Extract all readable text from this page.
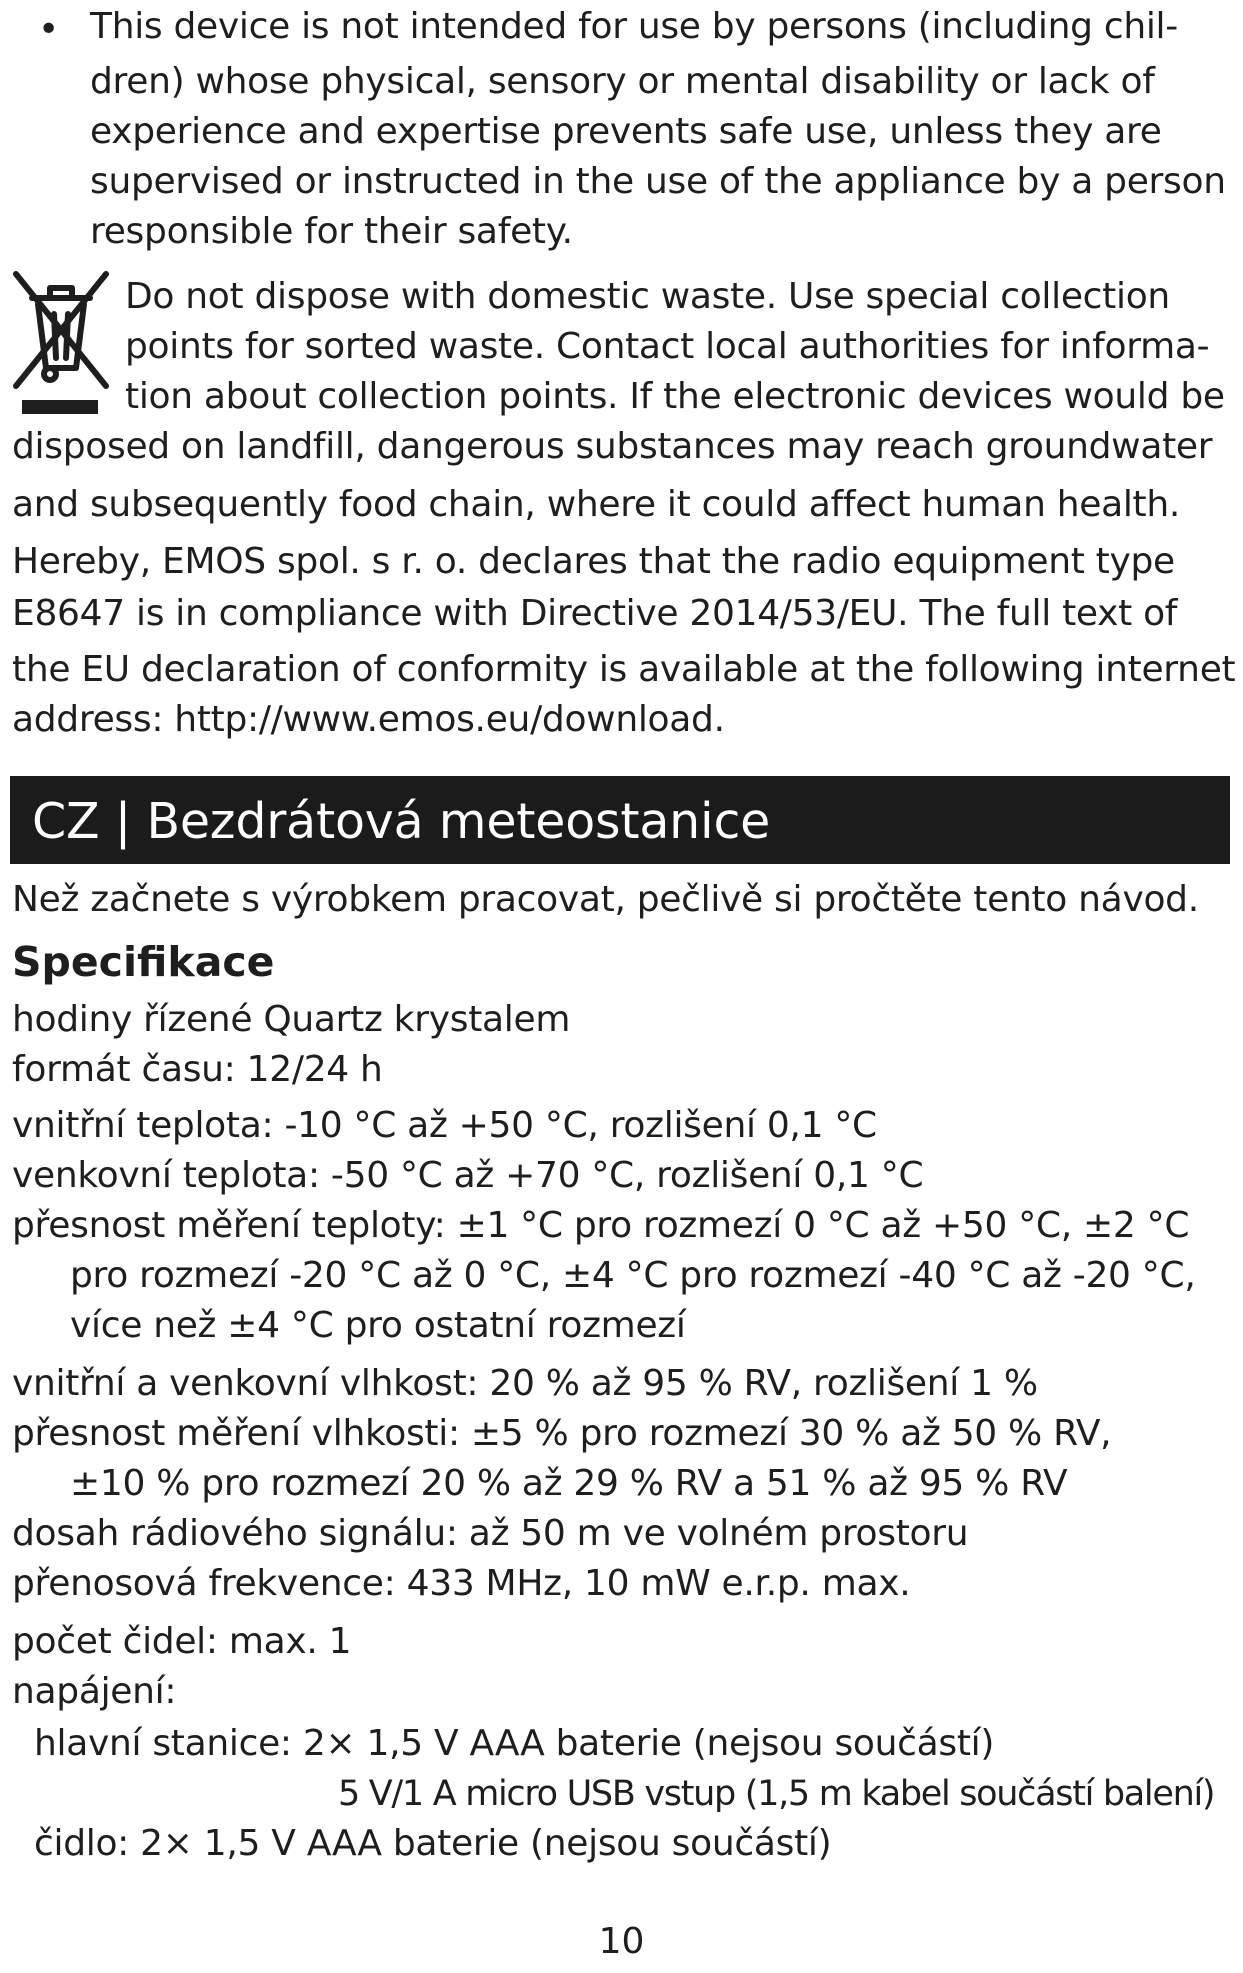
• This device is not intended for use by persons (including chil-
dren) whose physical, sensory or mental disability or lack of
experience and expertise prevents safe use, unless they are
supervised or instructed in the use of the appliance by a person
responsible for their safety.
Do not dispose with domestic waste. Use special collection
points for sorted waste. Contact local authorities for informa-
tion about collection points. If the electronic devices would be
disposed on landfill, dangerous substances may reach groundwater
and subsequently food chain, where it could affect human health.
Hereby, EMOS spol. s r. o. declares that the radio equipment type
E8647 is in compliance with Directive 2014/53/EU. The full text of
the EU declaration of conformity is available at the following internet
address: http://www.emos.eu/download.
CZ | Bezdrátová meteostanice
Než začnete s výrobkem pracovat, pečlivě si pročtěte tento návod.
Specifikace
hodiny řízené Quartz krystalem
formát času: 12/24 h
vnitřní teplota: -10 °C až +50 °C, rozlišení 0,1 °C
venkovní teplota: -50 °C až +70 °C, rozlišení 0,1 °C
přesnost měření teploty: ±1 °C pro rozmezí 0 °C až +50 °C, ±2 °C
pro rozmezí -20 °C až 0 °C, ±4 °C pro rozmezí -40 °C až -20 °C,
více než ±4 °C pro ostatní rozmezí
vnitřní a venkovní vlhkost: 20 % až 95 % RV, rozlišení 1 %
přesnost měření vlhkosti: ±5 % pro rozmezí 30 % až 50 % RV,
±10 % pro rozmezí 20 % až 29 % RV a 51 % až 95 % RV
dosah rádiového signálu: až 50 m ve volném prostoru
přenosová frekvence: 433 MHz, 10 mW e.r.p. max.
počet čidel: max. 1
napájení:
hlavní stanice: 2× 1,5 V AAA baterie (nejsou součástí)
5 V/1 A micro USB vstup (1,5 m kabel součástí balení)
čidlo: 2× 1,5 V AAA baterie (nejsou součástí)
10
